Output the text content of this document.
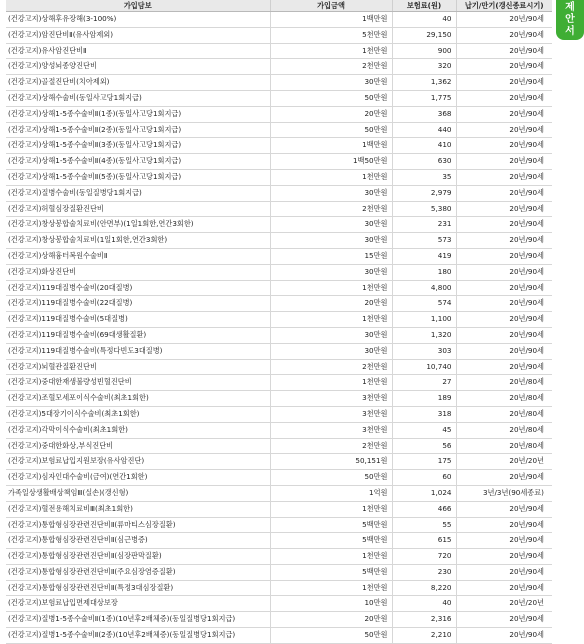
가입담보	가입금액	보험료(원)	납기/만기(갱신종료시기)
(건강고지)상해후유장해(3-100%)	1백만원	40	20년/90세
(건강고지)암진단비Ⅱ(유사암제외)	5천만원	29,150	20년/90세
(건강고지)유사암진단비Ⅱ	1천만원	900	20년/90세
(건강고지)양성뇌종양진단비	2천만원	320	20년/90세
(건강고지)골절진단비(치아제외)	30만원	1,362	20년/90세
(건강고지)상해수술비(동일사고당1회지급)	50만원	1,775	20년/90세
(건강고지)상해1-5종수술비Ⅱ(1종)(동일사고당1회지급)	20만원	368	20년/90세
(건강고지)상해1-5종수술비Ⅱ(2종)(동일사고당1회지급)	50만원	440	20년/90세
(건강고지)상해1-5종수술비Ⅱ(3종)(동일사고당1회지급)	1백만원	410	20년/90세
(건강고지)상해1-5종수술비Ⅱ(4종)(동일사고당1회지급)	1백50만원	630	20년/90세
(건강고지)상해1-5종수술비Ⅱ(5종)(동일사고당1회지급)	1천만원	35	20년/90세
(건강고지)질병수술비(동일질병당1회지급)	30만원	2,979	20년/90세
(건강고지)허혈심장질환진단비	2천만원	5,380	20년/90세
(건강고지)창상봉합술치료비(안면부)(1일1회한,연간3회한)	30만원	231	20년/90세
(건강고지)창상봉합술치료비(1일1회한,연간3회한)	30만원	573	20년/90세
(건강고지)상해흉터복원수술비Ⅱ	15만원	419	20년/90세
(건강고지)화상진단비	30만원	180	20년/90세
(건강고지)119대질병수술비(20대질병)	1천만원	4,800	20년/90세
(건강고지)119대질병수술비(22대질병)	20만원	574	20년/90세
(건강고지)119대질병수술비(5대질병)	1천만원	1,100	20년/90세
(건강고지)119대질병수술비(69대생활질환)	30만원	1,320	20년/90세
(건강고지)119대질병수술비(특정다빈도3대질병)	30만원	303	20년/90세
(건강고지)뇌혈관질환진단비	2천만원	10,740	20년/90세
(건강고지)중대한재생불량성빈혈진단비	1천만원	27	20년/80세
(건강고지)조혈모세포이식수술비(최초1회한)	3천만원	189	20년/80세
(건강고지)5대장기이식수술비(최초1회한)	3천만원	318	20년/80세
(건강고지)각막이식수술비(최초1회한)	3천만원	45	20년/80세
(건강고지)중대한화상,부식진단비	2천만원	56	20년/80세
(건강고지)보험료납입지원보장(유사암진단)	50,151원	175	20년/20년
(건강고지)심자인대수술비(금여)(연간1회한)	50만원	60	20년/90세
가족일상생활배상책임Ⅲ(실손)(갱신형)	1억원	1,024	3년/3년(90세종료)
(건강고지)혈전용해치료비Ⅲ(최초1회한)	1천만원	466	20년/90세
(건강고지)통합형심장관련진단비Ⅱ(류마티스심장질환)	5백만원	55	20년/90세
(건강고지)통합형심장관련진단비Ⅱ(심근병증)	5백만원	615	20년/90세
(건강고지)통합형심장관련진단비Ⅱ(심장판막질환)	1천만원	720	20년/90세
(건강고지)통합형심장관련진단비Ⅱ(주요심장염증질환)	5백만원	230	20년/90세
(건강고지)통합형심장관련진단비Ⅱ(특정3대심장질환)	1천만원	8,220	20년/90세
(건강고지)보험료납입면제대상보장	10만원	40	20년/20년
(건강고지)질병1-5종수술비Ⅱ(1종)(10년후2배체증)(동일질병당1회지급)	20만원	2,316	20년/90세
(건강고지)질병1-5종수술비Ⅱ(2종)(10년후2배체증)(동일질병당1회지급)	50만원	2,210	20년/90세
제안서
